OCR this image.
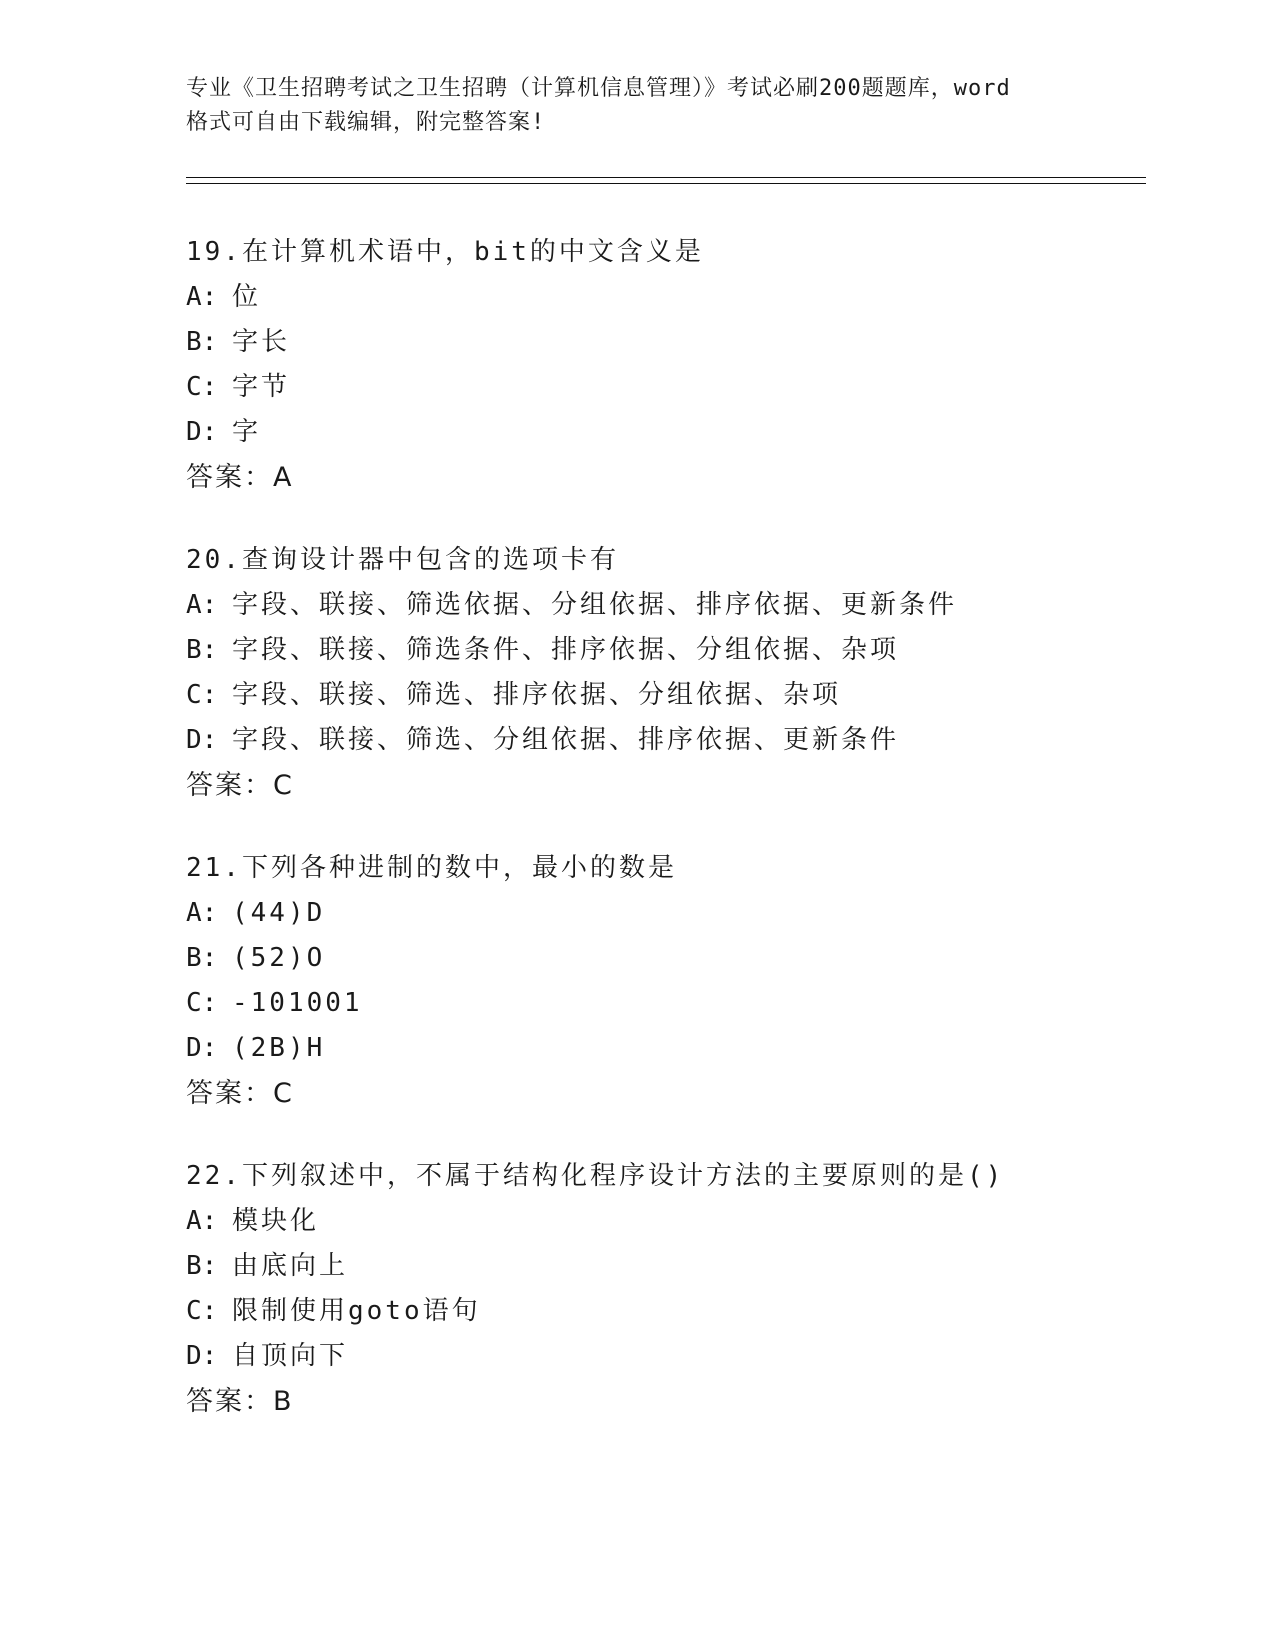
专业《卫生招聘考试之卫生招聘（计算机信息管理）》考试必刷200题题库，word
格式可自由下载编辑，附完整答案!
19.在计算机术语中，bit的中文含义是
A: 位
B: 字长
C: 字节
D: 字
答案：A
20.查询设计器中包含的选项卡有
A: 字段、联接、筛选依据、分组依据、排序依据、更新条件
B: 字段、联接、筛选条件、排序依据、分组依据、杂项
C: 字段、联接、筛选、排序依据、分组依据、杂项
D: 字段、联接、筛选、分组依据、排序依据、更新条件
答案：C
21.下列各种进制的数中，最小的数是
A: (44)D
B: (52)O
C: -101001
D: (2B)H
答案：C
22.下列叙述中，不属于结构化程序设计方法的主要原则的是()
A: 模块化
B: 由底向上
C: 限制使用goto语句
D: 自顶向下
答案：B
